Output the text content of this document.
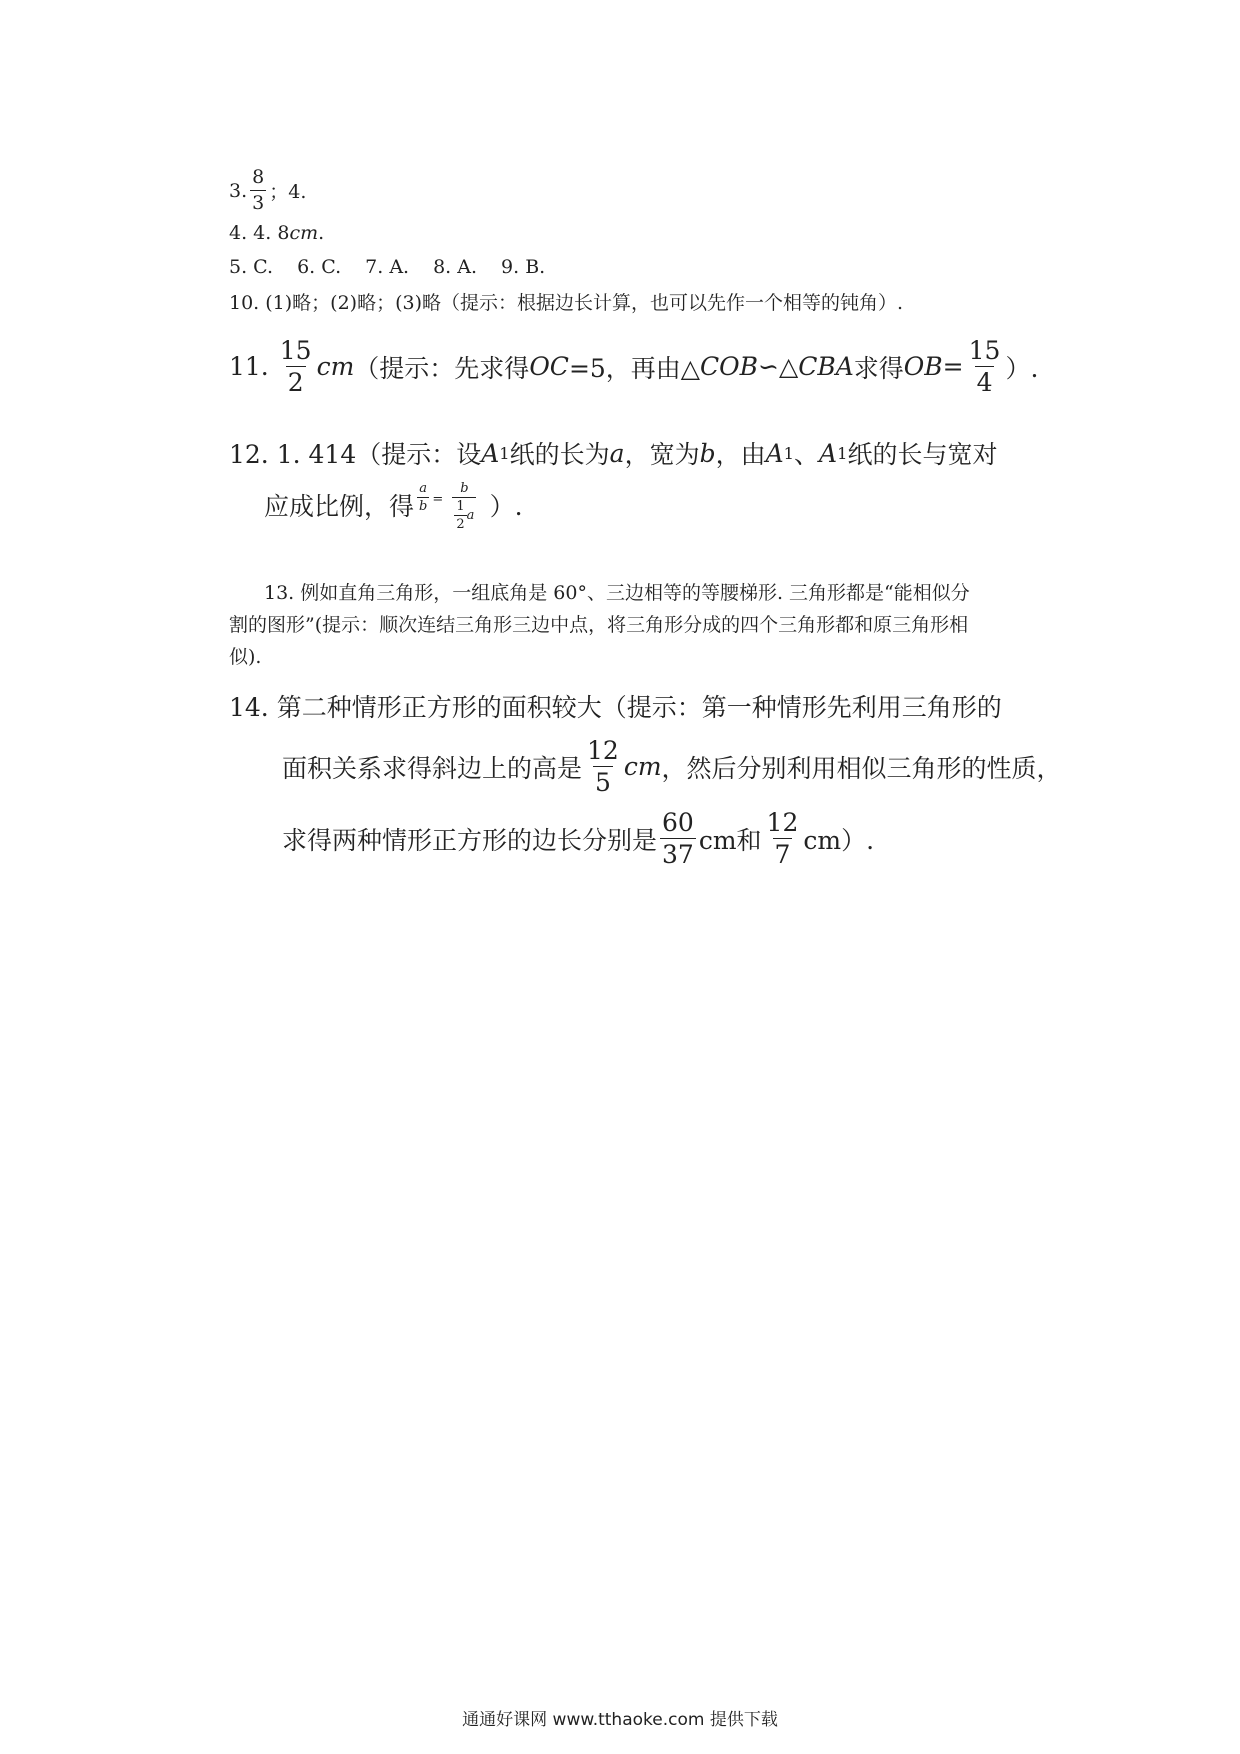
3. $\frac{8}{3}$ ；4.
4. 4. 8 cm .
5. C. 6. C. 7. A. 8. A. 9. B.
10. (1)略；(2)略；(3)略（提示：根据边长计算，也可以先作一个相等的钝角）.
11. $\frac{15}{2}$ cm （提示：先求得 OC =5，再由△ COB ∽△ CBA 求得 OB = $\frac{15}{4}$ ）.
12. 1. 414（提示：设 A 1 纸的长为 a ，宽为 b ，由 A 1 、 A 1 纸的长与宽对
应成比例，得 $\frac{a}{b} = \frac{b}{\frac{1}{2} a}$ ）.
13. 例如直角三角形，一组底角是 60°、三边相等的等腰梯形. 三角形都是“能相似分
割的图形”(提示：顺次连结三角形三边中点，将三角形分成的四个三角形都和原三角形相
似).
14. 第二种情形正方形的面积较大（提示：第一种情形先利用三角形的
面积关系求得斜边上的高是 $\frac{12}{5}$ cm ，然后分别利用相似三角形的性质，
求得两种情形正方形的边长分别是 $\frac{60}{37}$ cm和 $\frac{12}{7} cm$）.
通通好课网 www.tthaoke.com 提供下载
